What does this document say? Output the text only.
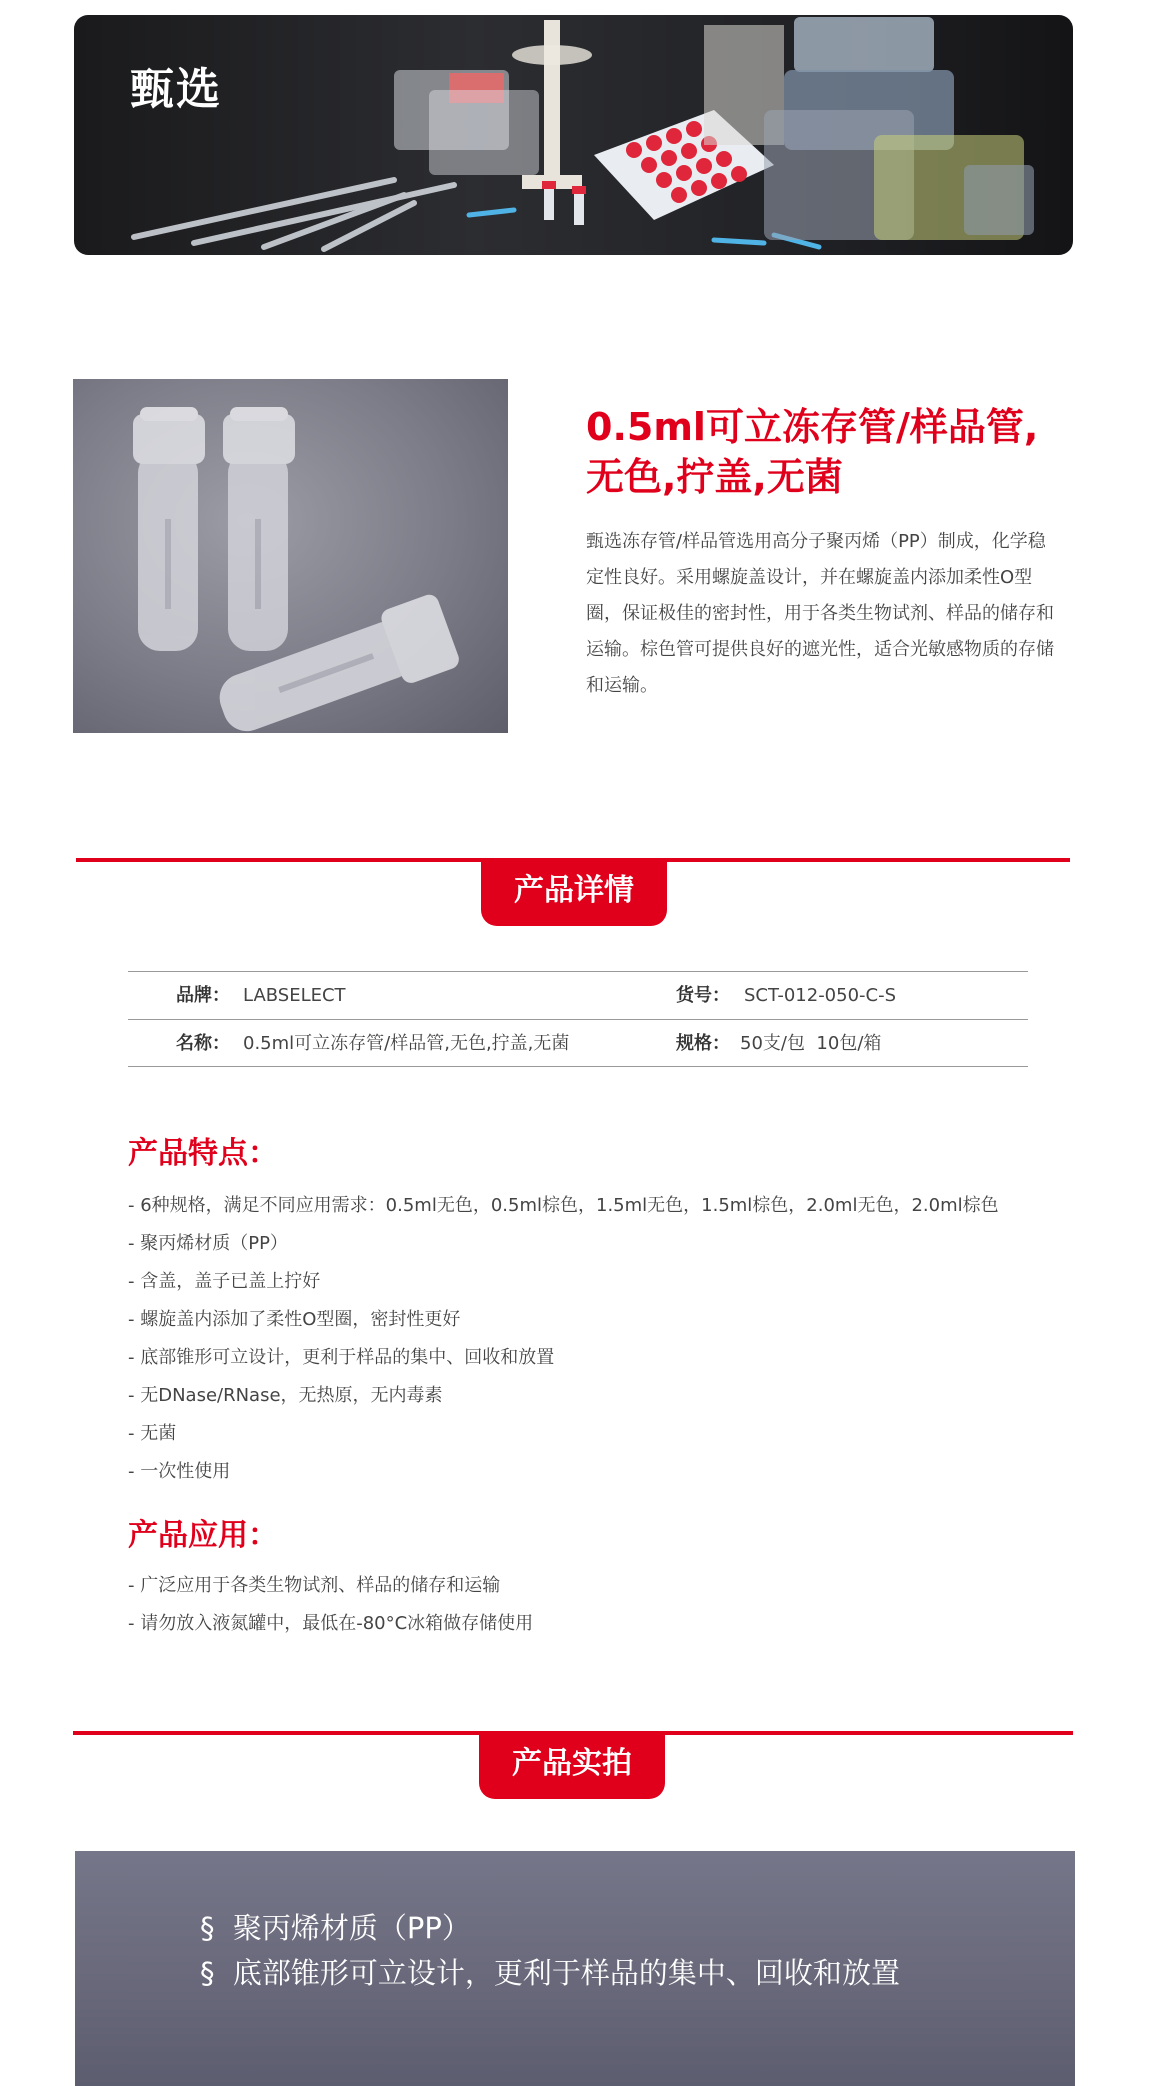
甄选
0.5ml可立冻存管/样品管,无色,拧盖,无菌
甄选冻存管/样品管选用高分子聚丙烯（PP）制成，化学稳定性良好。采用螺旋盖设计，并在螺旋盖内添加柔性O型圈，保证极佳的密封性，用于各类生物试剂、样品的储存和运输。棕色管可提供良好的遮光性，适合光敏感物质的存储和运输。
产品详情
品牌： LABSELECT	货号： SCT-012-050-C-S
名称： 0.5ml可立冻存管/样品管,无色,拧盖,无菌	规格： 50支/包  10包/箱
产品特点：
- 6种规格，满足不同应用需求：0.5ml无色，0.5ml棕色，1.5ml无色，1.5ml棕色，2.0ml无色，2.0ml棕色
- 聚丙烯材质（PP）
- 含盖，盖子已盖上拧好
- 螺旋盖内添加了柔性O型圈，密封性更好
- 底部锥形可立设计，更利于样品的集中、回收和放置
- 无DNase/RNase，无热原，无内毒素
- 无菌
- 一次性使用
产品应用：
- 广泛应用于各类生物试剂、样品的储存和运输
- 请勿放入液氮罐中，最低在-80°C冰箱做存储使用
产品实拍
§  聚丙烯材质（PP）
§  底部锥形可立设计，更利于样品的集中、回收和放置
